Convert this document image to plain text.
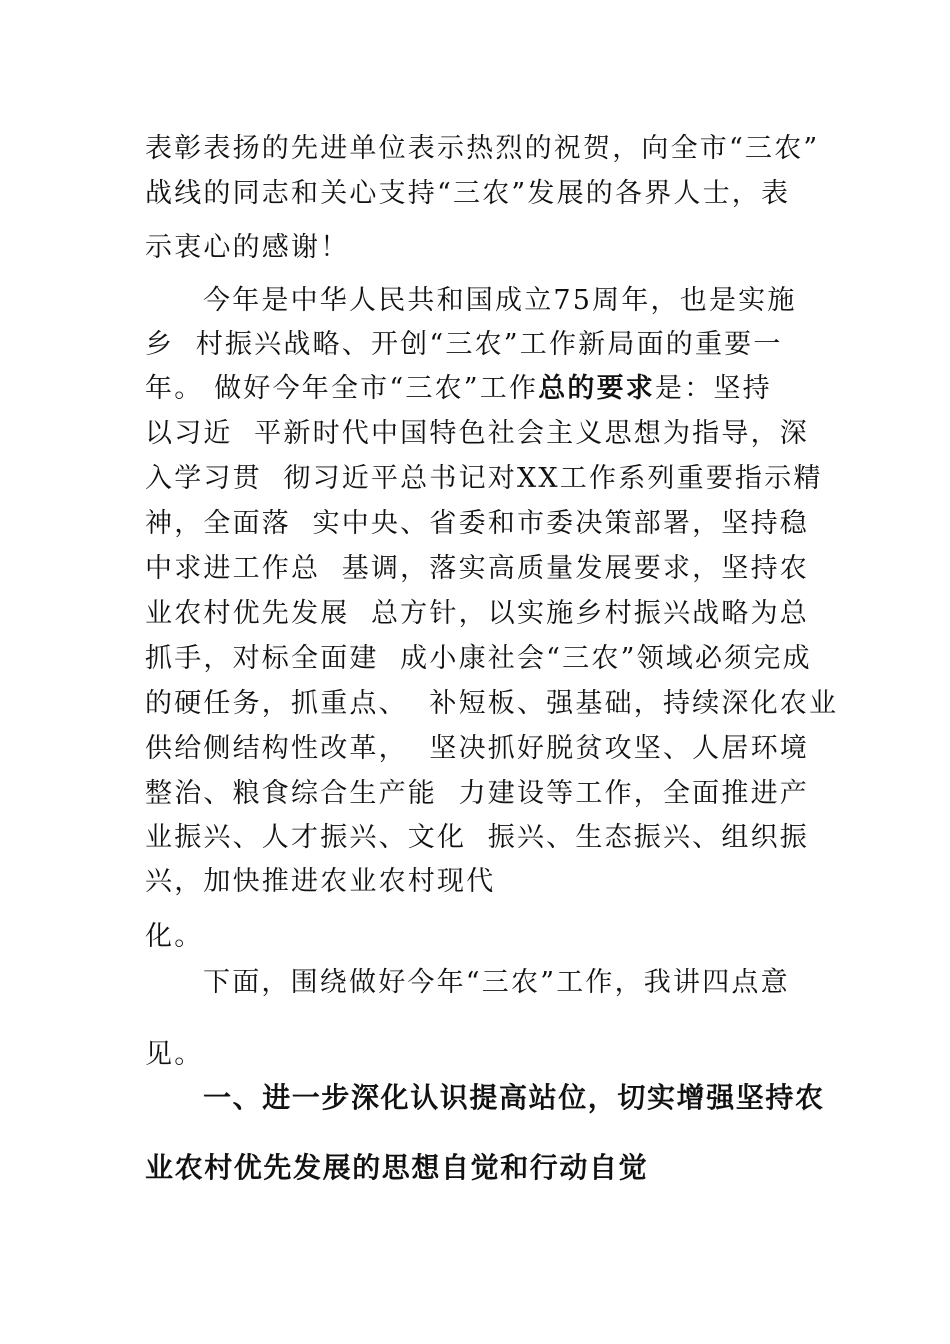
表彰表扬的先进单位表示热烈的祝贺，向全市“三农”
战线的同志和关心支持“三农”发展的各界人士，表
示衷心的感谢！
今年是中华人民共和国成立75周年，也是实施
乡  村振兴战略、开创“三农”工作新局面的重要一
年。 做好今年全市“三农”工作总的要求是：坚持
以习近  平新时代中国特色社会主义思想为指导，深
入学习贯  彻习近平总书记对XX工作系列重要指示精
神，全面落  实中央、省委和市委决策部署，坚持稳
中求进工作总  基调，落实高质量发展要求，坚持农
业农村优先发展  总方针，以实施乡村振兴战略为总
抓手，对标全面建  成小康社会“三农”领域必须完成
的硬任务，抓重点、  补短板、强基础，持续深化农业
供给侧结构性改革，  坚决抓好脱贫攻坚、人居环境
整治、粮食综合生产能  力建设等工作，全面推进产
业振兴、人才振兴、文化  振兴、生态振兴、组织振
兴，加快推进农业农村现代
化。
下面，围绕做好今年“三农”工作，我讲四点意
见。
一、进一步深化认识提高站位，切实增强坚持农
业农村优先发展的思想自觉和行动自觉
